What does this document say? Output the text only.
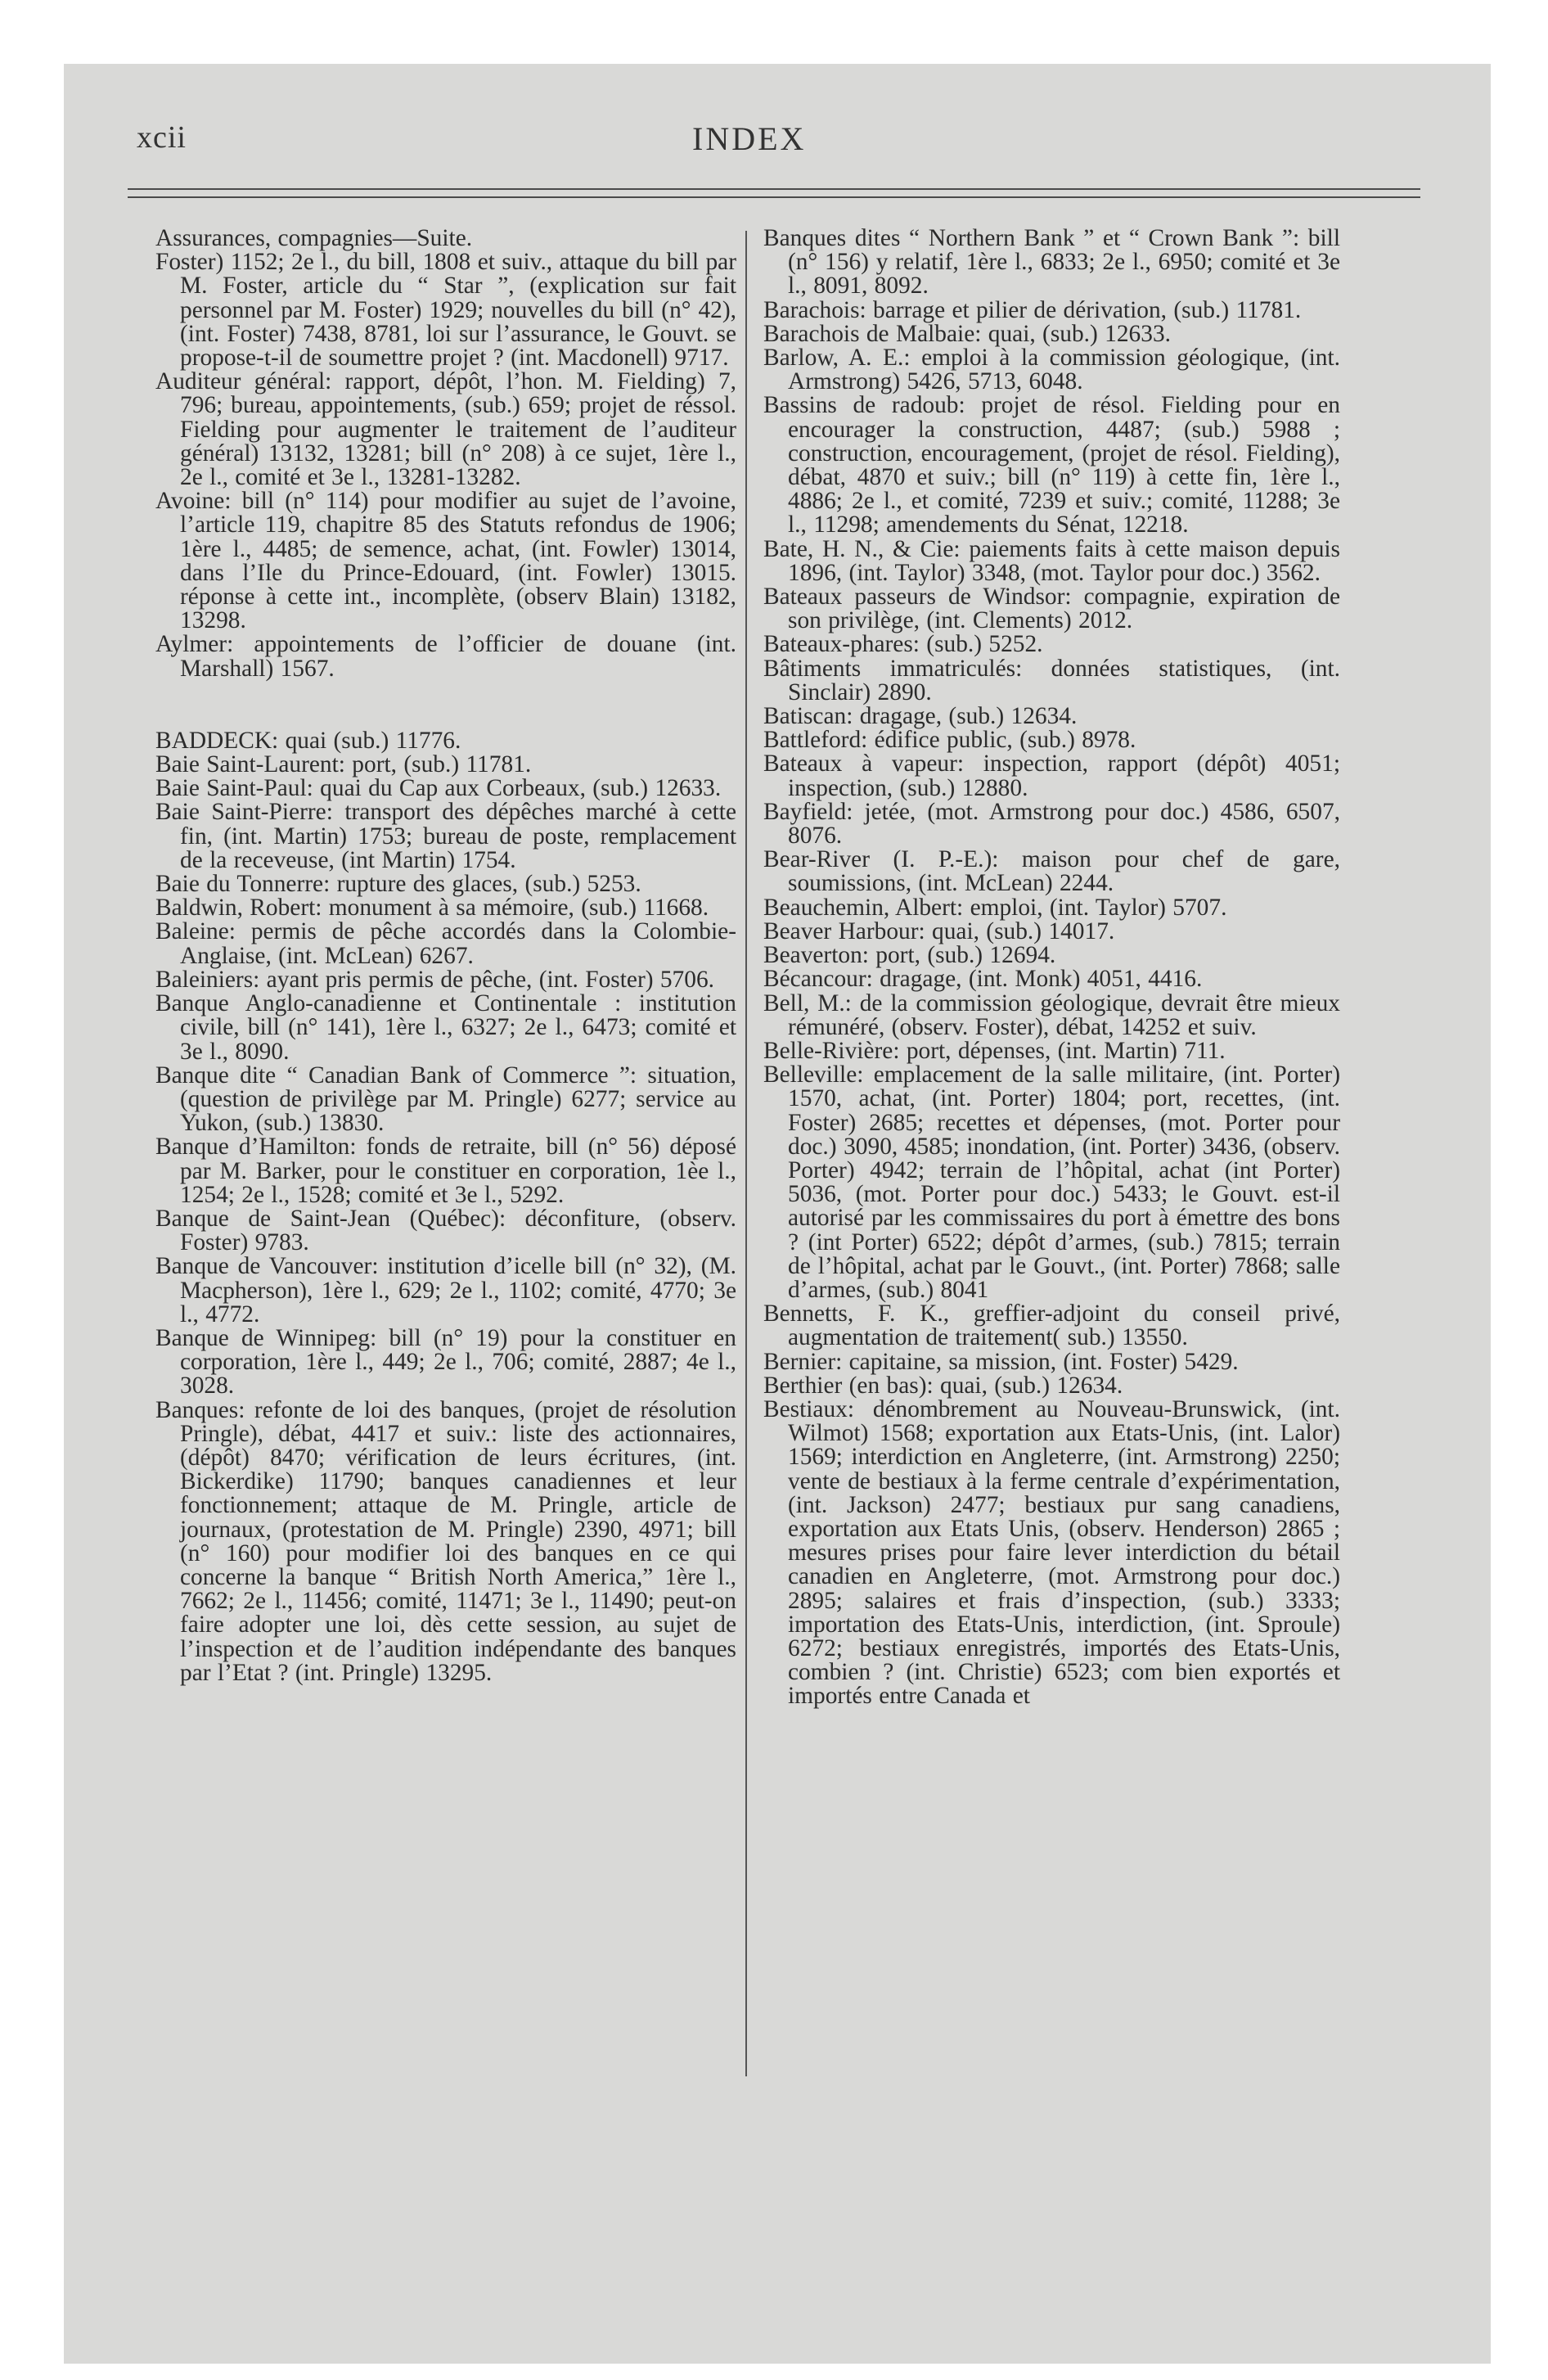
xcii	INDEX

Assurances, compagnies—Suite.

Foster) 1152; 2e l., du bill, 1808 et suiv., attaque du bill par M. Foster, article du “ Star ”, (explication sur fait personnel par M. Foster) 1929; nouvelles du bill (n° 42), (int. Foster) 7438, 8781, loi sur l’assurance, le Gouvt. se propose-t-il de soumettre projet ? (int. Macdonell) 9717.

Auditeur général: rapport, dépôt, l’hon. M. Fielding) 7, 796; bureau, appointements, (sub.) 659; projet de réssol. Fielding pour augmenter le traitement de l’auditeur général) 13132, 13281; bill (n° 208) à ce sujet, 1ère l., 2e l., comité et 3e l., 13281-13282.

Avoine: bill (n° 114) pour modifier au sujet de l’avoine, l’article 119, chapitre 85 des Statuts refondus de 1906; 1ère l., 4485; de semence, achat, (int. Fowler) 13014, dans l’Ile du Prince-Edouard, (int. Fowler) 13015. réponse à cette int., incomplète, (observ Blain) 13182, 13298.

Aylmer: appointements de l’officier de douane (int. Marshall) 1567.

BADDECK: quai (sub.) 11776.

Baie Saint-Laurent: port, (sub.) 11781.

Baie Saint-Paul: quai du Cap aux Corbeaux, (sub.) 12633.

Baie Saint-Pierre: transport des dépêches marché à cette fin, (int. Martin) 1753; bureau de poste, remplacement de la receveuse, (int Martin) 1754.

Baie du Tonnerre: rupture des glaces, (sub.) 5253.

Baldwin, Robert: monument à sa mémoire, (sub.) 11668.

Baleine: permis de pêche accordés dans la Colombie-Anglaise, (int. McLean) 6267.

Baleiniers: ayant pris permis de pêche, (int. Foster) 5706.

Banque Anglo-canadienne et Continentale : institution civile, bill (n° 141), 1ère l., 6327; 2e l., 6473; comité et 3e l., 8090.

Banque dite “ Canadian Bank of Commerce ”: situation, (question de privilège par M. Pringle) 6277; service au Yukon, (sub.) 13830.

Banque d’Hamilton: fonds de retraite, bill (n° 56) déposé par M. Barker, pour le constituer en corporation, 1èe l., 1254; 2e l., 1528; comité et 3e l., 5292.

Banque de Saint-Jean (Québec): déconfiture, (observ. Foster) 9783.

Banque de Vancouver: institution d’icelle bill (n° 32), (M. Macpherson), 1ère l., 629; 2e l., 1102; comité, 4770; 3e l., 4772.

Banque de Winnipeg: bill (n° 19) pour la constituer en corporation, 1ère l., 449; 2e l., 706; comité, 2887; 4e l., 3028.

Banques: refonte de loi des banques, (projet de résolution Pringle), débat, 4417 et suiv.: liste des actionnaires, (dépôt) 8470; vérification de leurs écritures, (int. Bickerdike) 11790; banques canadiennes et leur fonctionnement; attaque de M. Pringle, article de journaux, (protestation de M. Pringle) 2390, 4971; bill (n° 160) pour modifier loi des banques en ce qui concerne la banque “ British North America,” 1ère l., 7662; 2e l., 11456; comité, 11471; 3e l., 11490; peut-on faire adopter une loi, dès cette session, au sujet de l’inspection et de l’audition indépendante des banques par l’Etat ? (int. Pringle) 13295.

Banques dites “ Northern Bank ” et “ Crown Bank ”: bill (n° 156) y relatif, 1ère l., 6833; 2e l., 6950; comité et 3e l., 8091, 8092.

Barachois: barrage et pilier de dérivation, (sub.) 11781.

Barachois de Malbaie: quai, (sub.) 12633.

Barlow, A. E.: emploi à la commission géologique, (int. Armstrong) 5426, 5713, 6048.

Bassins de radoub: projet de résol. Fielding pour en encourager la construction, 4487; (sub.) 5988 ; construction, encouragement, (projet de résol. Fielding), débat, 4870 et suiv.; bill (n° 119) à cette fin, 1ère l., 4886; 2e l., et comité, 7239 et suiv.; comité, 11288; 3e l., 11298; amendements du Sénat, 12218.

Bate, H. N., & Cie: paiements faits à cette maison depuis 1896, (int. Taylor) 3348, (mot. Taylor pour doc.) 3562.

Bateaux passeurs de Windsor: compagnie, expiration de son privilège, (int. Clements) 2012.

Bateaux-phares: (sub.) 5252.

Bâtiments immatriculés: données statistiques, (int. Sinclair) 2890.

Batiscan: dragage, (sub.) 12634.

Battleford: édifice public, (sub.) 8978.

Bateaux à vapeur: inspection, rapport (dépôt) 4051; inspection, (sub.) 12880.

Bayfield: jetée, (mot. Armstrong pour doc.) 4586, 6507, 8076.

Bear-River (I. P.-E.): maison pour chef de gare, soumissions, (int. McLean) 2244.

Beauchemin, Albert: emploi, (int. Taylor) 5707.

Beaver Harbour: quai, (sub.) 14017.

Beaverton: port, (sub.) 12694.

Bécancour: dragage, (int. Monk) 4051, 4416.

Bell, M.: de la commission géologique, devrait être mieux rémunéré, (observ. Foster), débat, 14252 et suiv.

Belle-Rivière: port, dépenses, (int. Martin) 711.

Belleville: emplacement de la salle militaire, (int. Porter) 1570, achat, (int. Porter) 1804; port, recettes, (int. Foster) 2685; recettes et dépenses, (mot. Porter pour doc.) 3090, 4585; inondation, (int. Porter) 3436, (observ. Porter) 4942; terrain de l’hôpital, achat (int Porter) 5036, (mot. Porter pour doc.) 5433; le Gouvt. est-il autorisé par les commissaires du port à émettre des bons ? (int Porter) 6522; dépôt d’armes, (sub.) 7815; terrain de l’hôpital, achat par le Gouvt., (int. Porter) 7868; salle d’armes, (sub.) 8041

Bennetts, F. K., greffier-adjoint du conseil privé, augmentation de traitement( sub.) 13550.

Bernier: capitaine, sa mission, (int. Foster) 5429.

Berthier (en bas): quai, (sub.) 12634.

Bestiaux: dénombrement au Nouveau-Brunswick, (int. Wilmot) 1568; exportation aux Etats-Unis, (int. Lalor) 1569; interdiction en Angleterre, (int. Armstrong) 2250; vente de bestiaux à la ferme centrale d’expérimentation, (int. Jackson) 2477; bestiaux pur sang canadiens, exportation aux Etats Unis, (observ. Henderson) 2865 ; mesures prises pour faire lever interdiction du bétail canadien en Angleterre, (mot. Armstrong pour doc.) 2895; salaires et frais d’inspection, (sub.) 3333; importation des Etats-Unis, interdiction, (int. Sproule) 6272; bestiaux enregistrés, importés des Etats-Unis, combien ? (int. Christie) 6523; com bien exportés et importés entre Canada et
